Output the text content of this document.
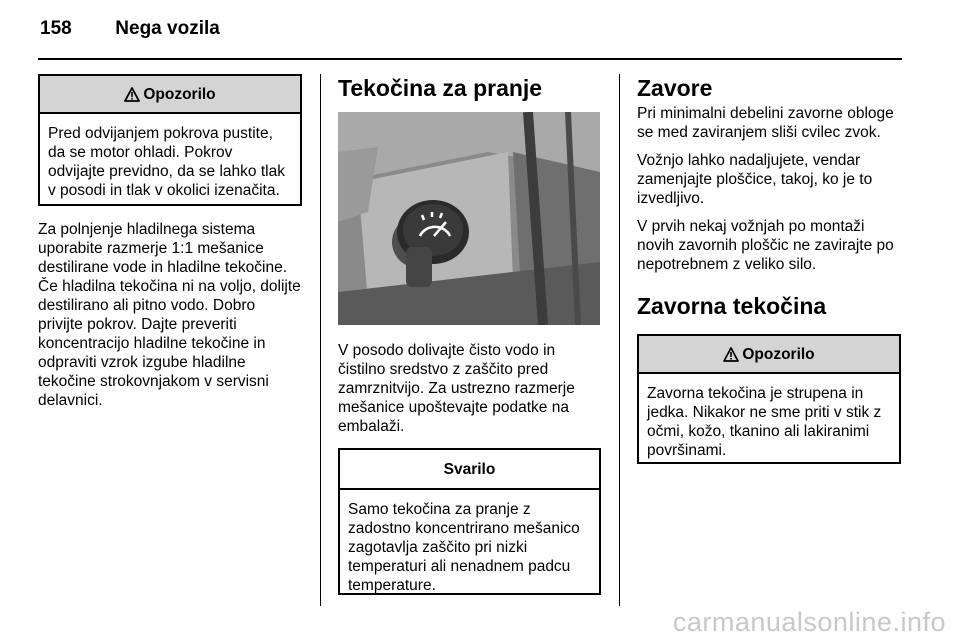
158 Nega vozila
Opozorilo
Pred odvijanjem pokrova pustite, da se motor ohladi. Pokrov odvijajte previdno, da se lahko tlak v posodi in tlak v okolici izenačita.

Za polnjenje hladilnega sistema uporabite razmerje 1:1 mešanice destilirane vode in hladilne tekočine. Če hladilna tekočina ni na voljo, dolijte destilirano ali pitno vodo. Dobro privijte pokrov. Dajte preveriti koncentracijo hladilne tekočine in odpraviti vzrok izgube hladilne tekočine strokovnjakom v servisni delavnici.

Tekočina za pranje

V posodo dolivajte čisto vodo in čistilno sredstvo z zaščito pred zamrznitvijo. Za ustrezno razmerje mešanice upoštevajte podatke na embalaži.

Svarilo
Samo tekočina za pranje z zadostno koncentrirano mešanico zagotavlja zaščito pri nizki temperaturi ali nenadnem padcu temperature.
Zavore

Pri minimalni debelini zavorne obloge se med zaviranjem sliši cvilec zvok.

Vožnjo lahko nadaljujete, vendar zamenjajte ploščice, takoj, ko je to izvedljivo.

V prvih nekaj vožnjah po montaži novih zavornih ploščic ne zavirajte po nepotrebnem z veliko silo.

Zavorna tekočina
Opozorilo
Zavorna tekočina je strupena in jedka. Nikakor ne sme priti v stik z očmi, kožo, tkanino ali lakiranimi površinami.
carmanualsonline.info
